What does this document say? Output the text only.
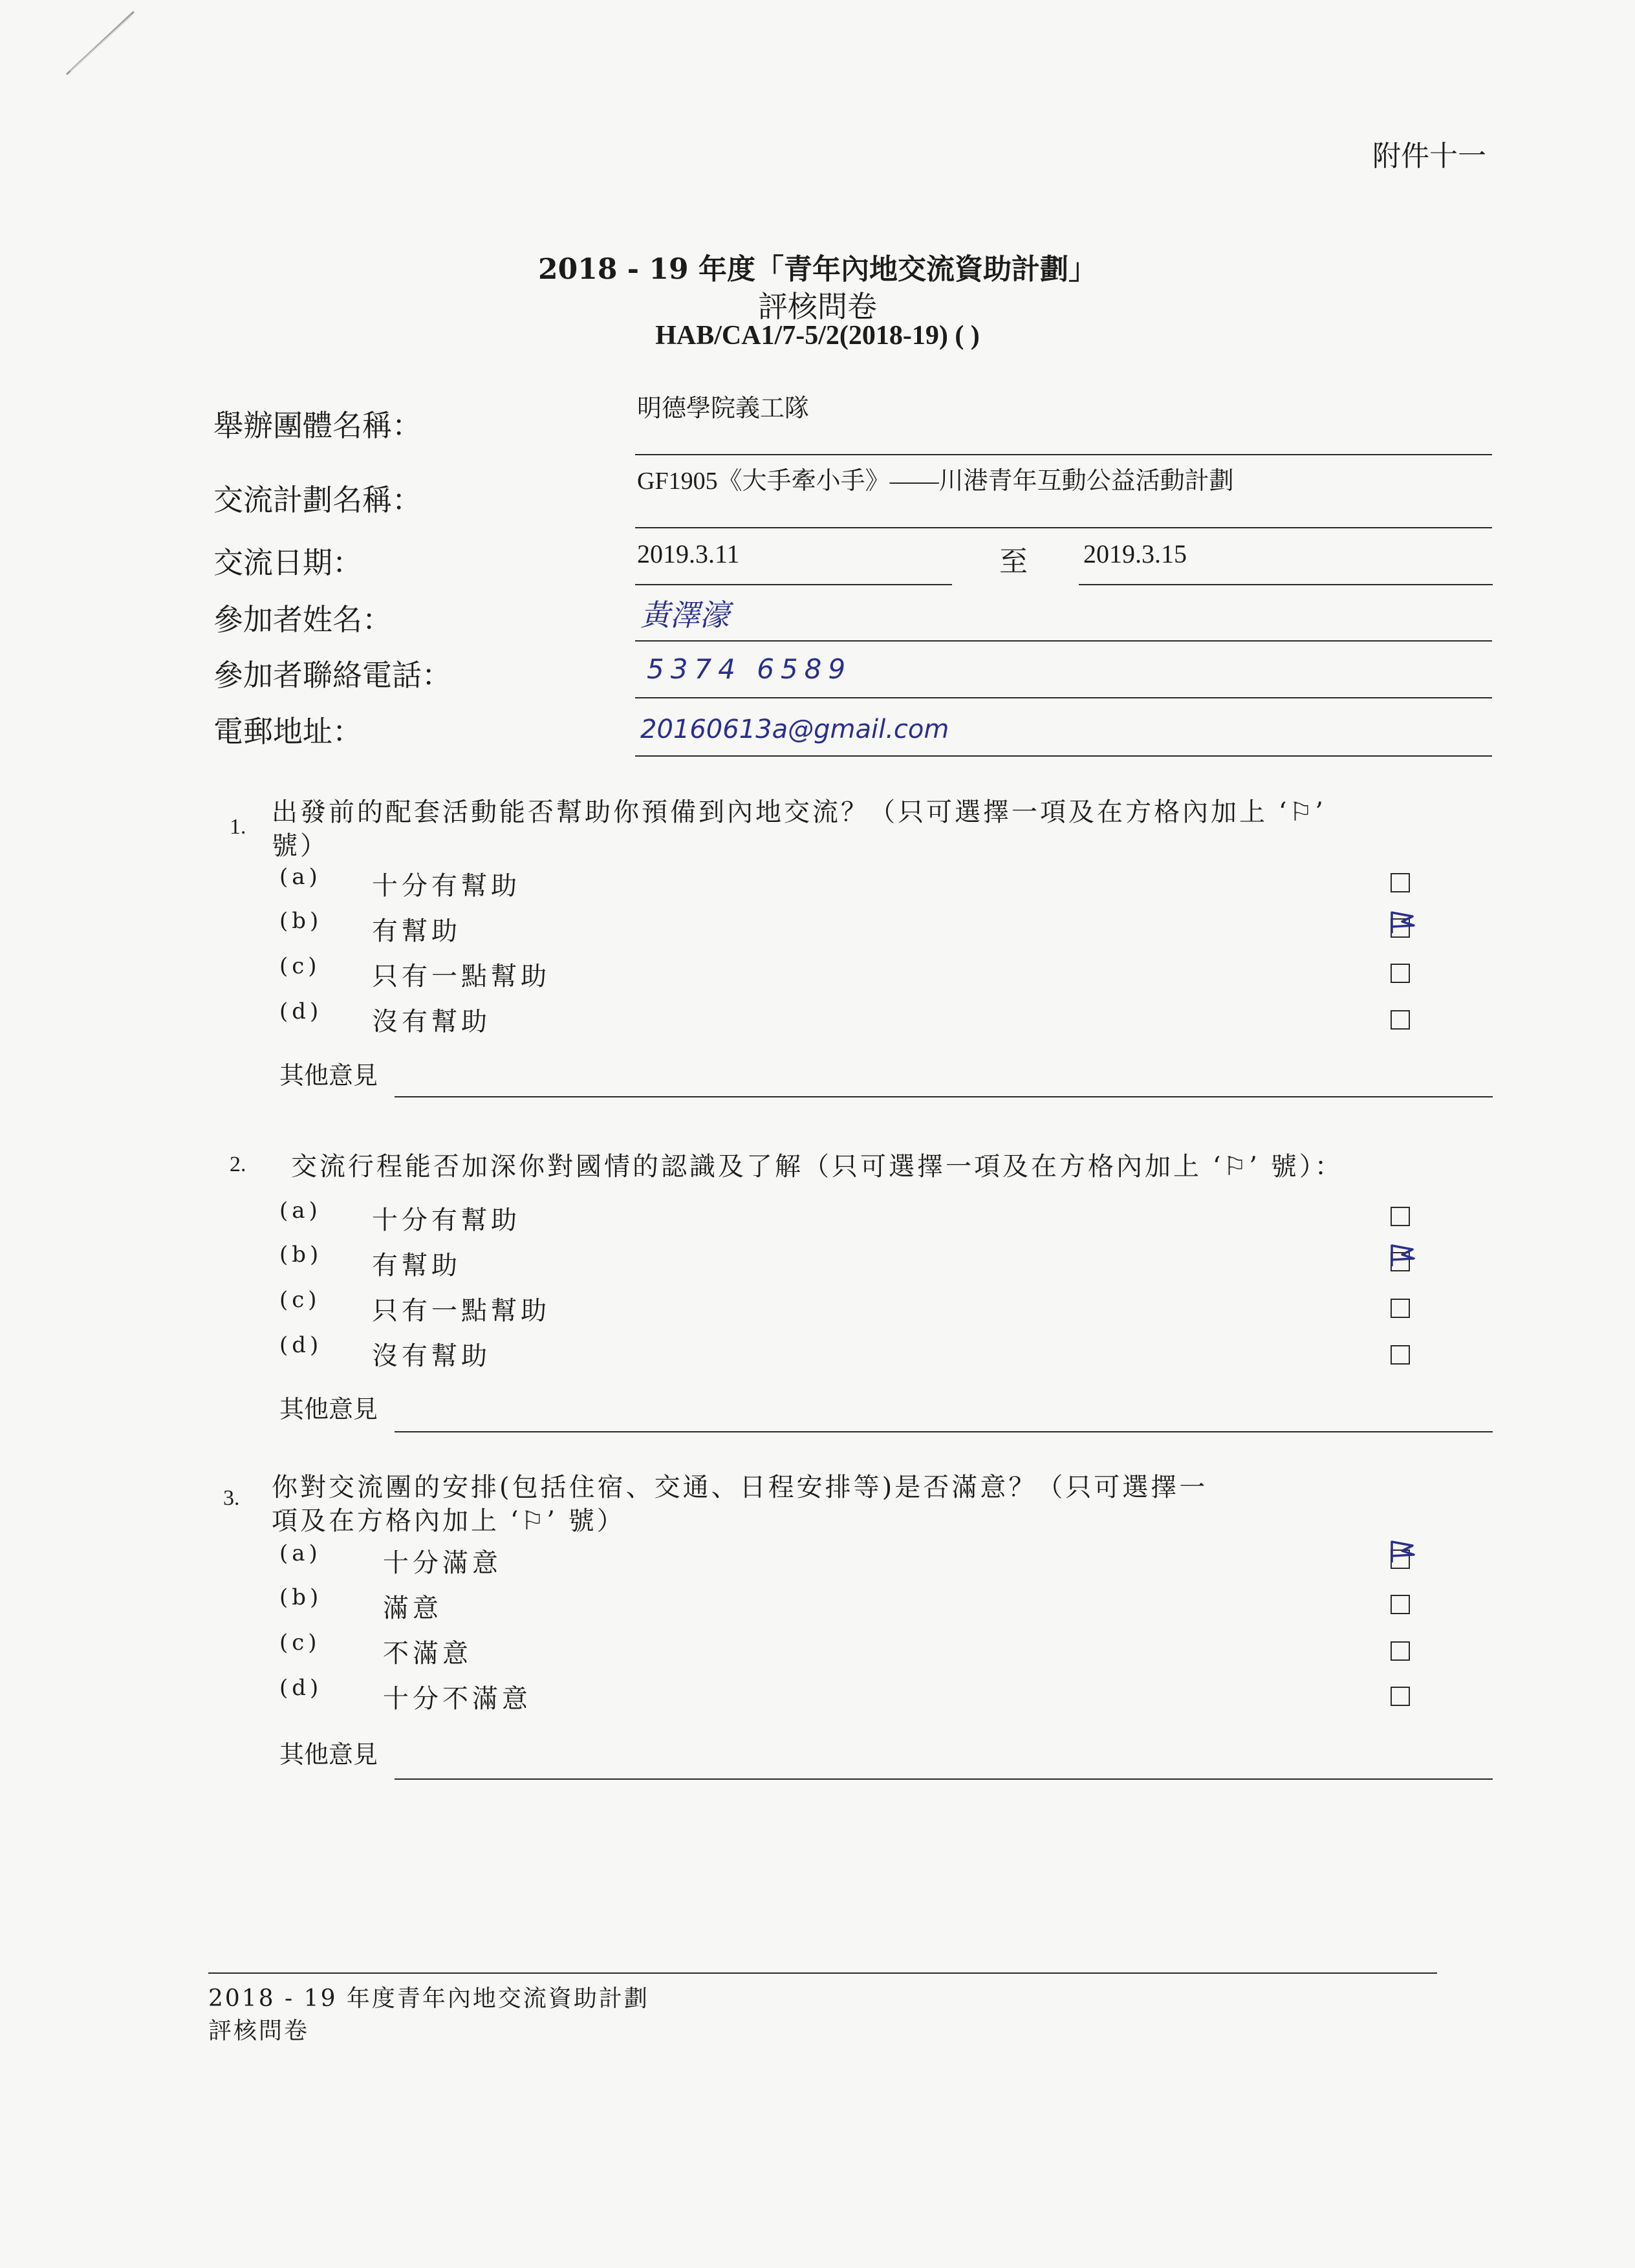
附件十一
2018 - 19 年度「青年內地交流資助計劃」
評核問卷
HAB/CA1/7-5/2(2018-19) ( )
舉辦團體名稱：	明德學院義工隊
交流計劃名稱：
GF1905《大手牽小手》——川港青年互動公益活動計劃
交流日期：	2019.3.11	至 2019.3.15
參加者姓名：	黃澤濠
參加者聯絡電話：	5374 6589
電郵地址：	20160613a@gmail.com
1. 出發前的配套活動能否幫助你預備到內地交流？（只可選擇一項及在方格內加上 ‘⚐’
號）
(a) 十分有幫助
(b) 有幫助
(c) 只有一點幫助
(d) 沒有幫助
其他意見
2. 交流行程能否加深你對國情的認識及了解（只可選擇一項及在方格內加上 ‘⚐’ 號）：
(a) 十分有幫助
(b) 有幫助
(c) 只有一點幫助
(d) 沒有幫助
其他意見
3. 你對交流團的安排(包括住宿、交通、日程安排等)是否滿意？（只可選擇一
項及在方格內加上 ‘⚐’ 號）
(a) 十分滿意
(b) 滿意
(c) 不滿意
(d) 十分不滿意
其他意見
2018 - 19 年度青年內地交流資助計劃
評核問卷
